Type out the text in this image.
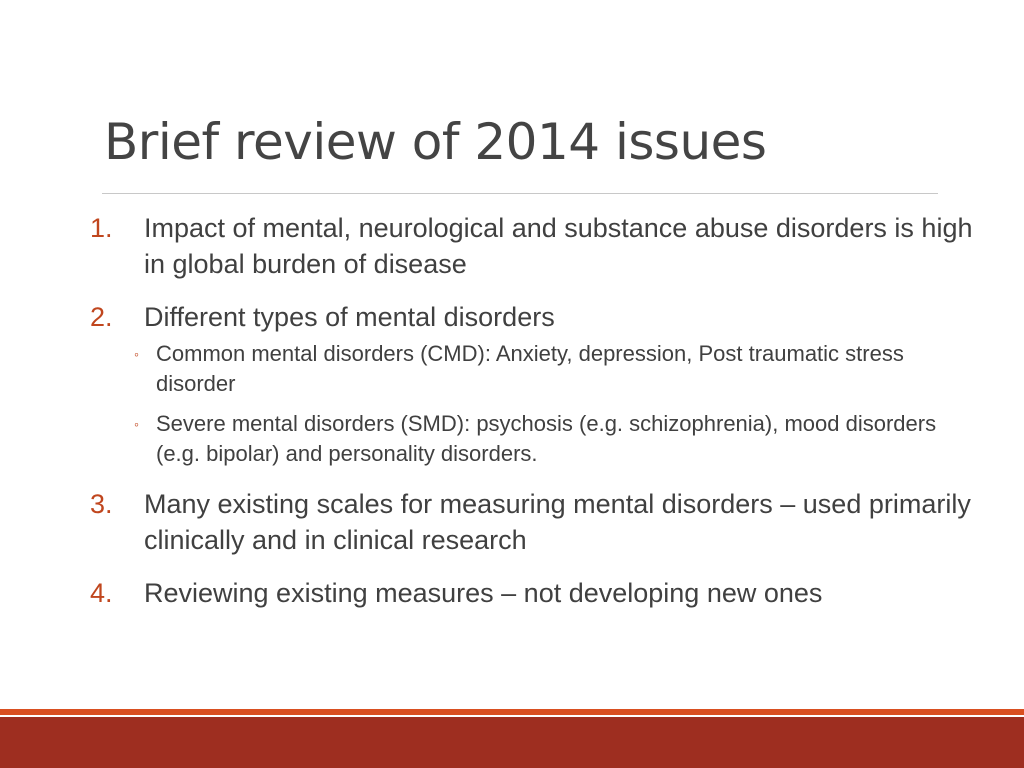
Brief review of 2014 issues
1.	Impact of mental, neurological and substance abuse disorders is high in global burden of disease
2.	Different types of mental disorders
◦ Common mental disorders (CMD): Anxiety, depression, Post traumatic stress disorder
◦ Severe mental disorders (SMD): psychosis (e.g. schizophrenia), mood disorders (e.g. bipolar) and personality disorders.
3.	Many existing scales for measuring mental disorders – used primarily clinically and in clinical research
4.	Reviewing existing measures – not developing new ones
